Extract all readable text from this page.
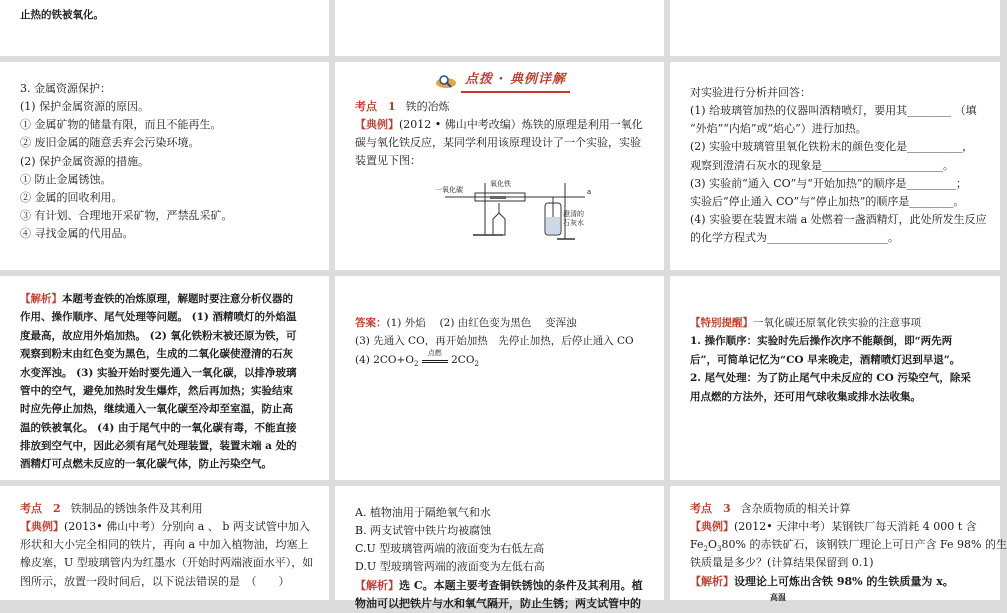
止热的铁被氧化。

3. 金属资源保护：

(1) 保护金属资源的原因。

① 金属矿物的储量有限，而且不能再生。

② 废旧金属的随意丢弃会污染环境。

(2) 保护金属资源的措施。

① 防止金属锈蚀。

② 金属的回收利用。

③ 有计划、合理地开采矿物，严禁乱采矿。

④ 寻找金属的代用品。

点拨 · 典例详解

考点　1 铁的冶炼

【典例】(2012 • 佛山中考改编）炼铁的原理是利用一氧化

碳与氧化铁反应，某同学利用该原理设计了一个实验，实验

装置见下图：

一氧化碳
氧化铁
澄清的
石灰水
a

对实验进行分析并回答：

(1) 给玻璃管加热的仪器叫酒精喷灯，要用其________ （填

“外焰”“内焰”或“焰心”）进行加热。

(2) 实验中玻璃管里氧化铁粉末的颜色变化是__________，

观察到澄清石灰水的现象是______________________。

(3) 实验前“通入 CO”与“开始加热”的顺序是_________；

实验后“停止通入 CO”与“停止加热”的顺序是________。

(4) 实验要在装置末端 a 处燃着一盏酒精灯，此处所发生反应

的化学方程式为______________________。

【解析】本题考查铁的冶炼原理，解题时要注意分析仪器的

作用、操作顺序、尾气处理等问题。 (1) 酒精喷灯的外焰温

度最高，故应用外焰加热。 (2) 氧化铁粉末被还原为铁，可

观察到粉末由红色变为黑色，生成的二氧化碳使澄清的石灰

水变浑浊。 (3) 实验开始时要先通入一氧化碳，以排净玻璃

管中的空气，避免加热时发生爆炸，然后再加热；实验结束

时应先停止加热，继续通入一氧化碳至冷却至室温，防止高

温的铁被氧化。 (4) 由于尾气中的一氧化碳有毒，不能直接

排放到空气中，因此必须有尾气处理装置，装置末端 a 处的

酒精灯可点燃未反应的一氧化碳气体，防止污染空气。

答案：(1) 外焰　 (2) 由红色变为黑色　 变浑浊

(3) 先通入 CO，再开始加热　先停止加热，后停止通入 CO

(4) $2CO+O_2$
点燃
$2CO_2$

【特别提醒】一氧化碳还原氧化铁实验的注意事项

1. 操作顺序：实验时先后操作次序不能颠倒，即“两先两

后”，可简单记忆为“CO 早来晚走，酒精喷灯迟到早退”。

2. 尾气处理：为了防止尾气中未反应的 CO 污染空气，除采

用点燃的方法外，还可用气球收集或排水法收集。

考点　2 铁制品的锈蚀条件及其利用

【典例】(2013• 佛山中考）分别向 a 、 b 两支试管中加入

形状和大小完全相同的铁片，再向 a 中加入植物油，均塞上

橡皮塞，U 型玻璃管内为红墨水（开始时两端液面水平），如

图所示，放置一段时间后，以下说法错误的是　（　　）

A. 植物油用于隔绝氧气和水

B. 两支试管中铁片均被腐蚀

C.U 型玻璃管两端的液面变为右低左高

D.U 型玻璃管两端的液面变为左低右高

【解析】选 C。本题主要考查铜铁锈蚀的条件及其利用。植

物油可以把铁片与水和氧气隔开，防止生锈；两支试管中的

考点　3 含杂质物质的相关计算

【典例】(2012• 天津中考）某钢铁厂每天消耗 4 000 t 含

$Fe_2O_380\%$ 的赤铁矿石，该钢铁厂理论上可日产含 Fe 98% 的生

铁质量是多少？(计算结果保留到 0.1)

【解析】设理论上可炼出含铁 98% 的生铁质量为 x。

高温
